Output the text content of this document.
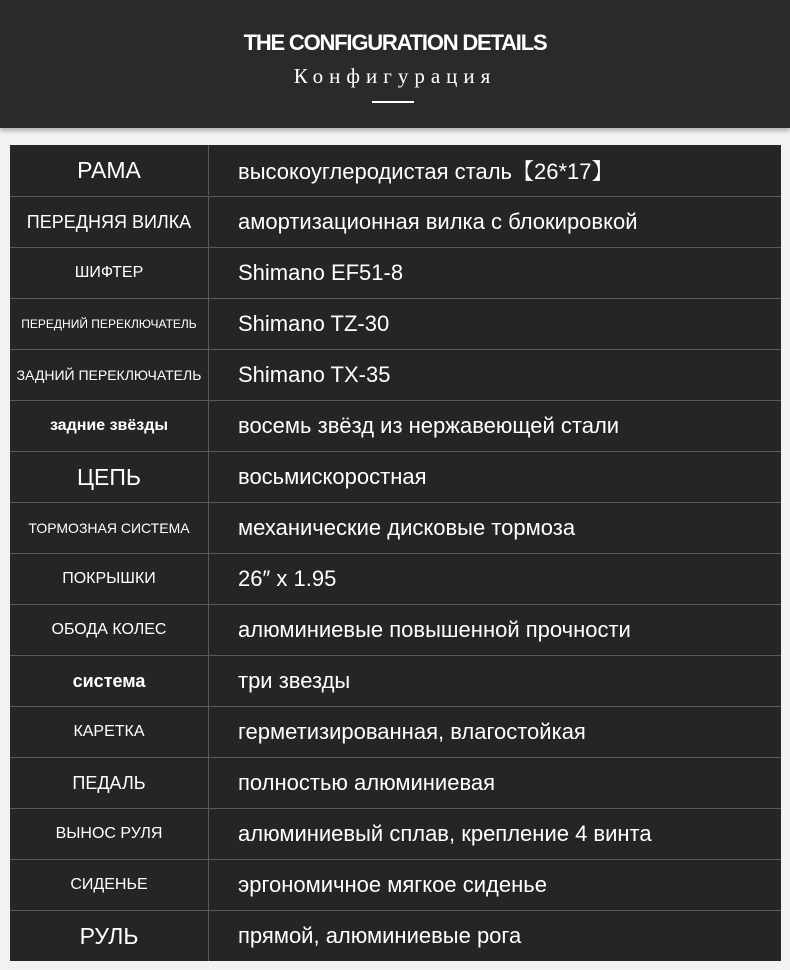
THE CONFIGURATION DETAILS
Конфигурация
РАМА	высокоуглеродистая сталь【26*17】
ПЕРЕДНЯЯ ВИЛКА	амортизационная вилка с блокировкой
ШИФТЕР	Shimano EF51-8
ПЕРЕДНИЙ ПЕРЕКЛЮЧАТЕЛЬ	Shimano TZ-30
ЗАДНИЙ ПЕРЕКЛЮЧАТЕЛЬ	Shimano TX-35
задние звёзды	восемь звёзд из нержавеющей стали
ЦЕПЬ	восьмискоростная
ТОРМОЗНАЯ СИСТЕМА	механические дисковые тормоза
ПОКРЫШКИ	26″ x 1.95
ОБОДА КОЛЕС	алюминиевые повышенной прочности
система	три звезды
КАРЕТКА	герметизированная, влагостойкая
ПЕДАЛЬ	полностью алюминиевая
ВЫНОС РУЛЯ	алюминиевый сплав, крепление 4 винта
СИДЕНЬЕ	эргономичное мягкое сиденье
РУЛЬ	прямой, алюминиевые рога
